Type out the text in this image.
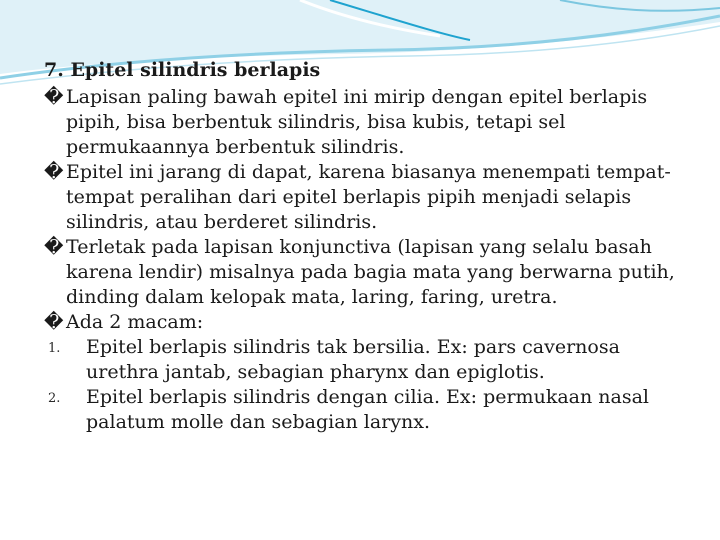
7. Epitel silindris berlapis

� Lapisan paling bawah epitel ini mirip dengan epitel berlapis pipih, bisa berbentuk silindris, bisa kubis, tetapi sel permukaannya berbentuk silindris.

� Epitel ini jarang di dapat, karena biasanya menempati tempat-tempat peralihan dari epitel berlapis pipih menjadi selapis silindris, atau berderet silindris.

� Terletak pada lapisan konjunctiva (lapisan yang selalu basah karena lendir) misalnya pada bagia mata yang berwarna putih, dinding dalam kelopak mata, laring, faring, uretra.

� Ada 2 macam:

1. Epitel berlapis silindris tak bersilia. Ex: pars cavernosa urethra jantab, sebagian pharynx dan epiglotis.

2. Epitel berlapis silindris dengan cilia. Ex: permukaan nasal palatum molle dan sebagian larynx.
